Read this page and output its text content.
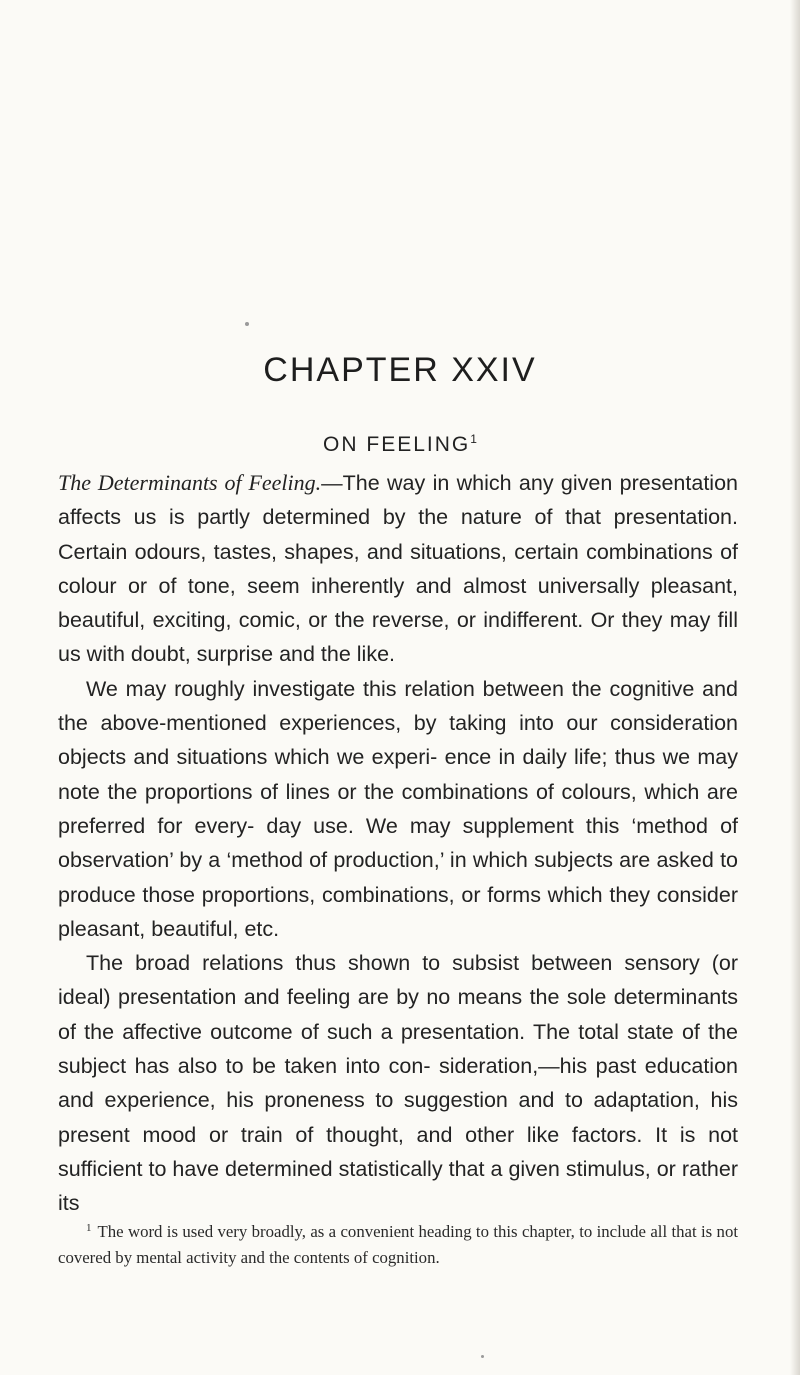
CHAPTER XXIV
ON FEELING$^1$

The Determinants of Feeling.—The way in which any given presentation affects us is partly determined by the nature of that presentation. Certain odours, tastes, shapes, and situations, certain combinations of colour or of tone, seem inherently and almost universally pleasant, beautiful, exciting, comic, or the reverse, or indifferent. Or they may fill us with doubt, surprise and the like.

We may roughly investigate this relation between the cognitive and the above-mentioned experiences, by taking into our consideration objects and situations which we experi- ence in daily life; thus we may note the proportions of lines or the combinations of colours, which are preferred for every- day use. We may supplement this ‘method of observation’ by a ‘method of production,’ in which subjects are asked to produce those proportions, combinations, or forms which they consider pleasant, beautiful, etc.

The broad relations thus shown to subsist between sensory (or ideal) presentation and feeling are by no means the sole determinants of the affective outcome of such a presentation. The total state of the subject has also to be taken into con- sideration,—his past education and experience, his proneness to suggestion and to adaptation, his present mood or train of thought, and other like factors. It is not sufficient to have determined statistically that a given stimulus, or rather its

$^1$ The word is used very broadly, as a convenient heading to this chapter, to include all that is not covered by mental activity and the contents of cognition.
